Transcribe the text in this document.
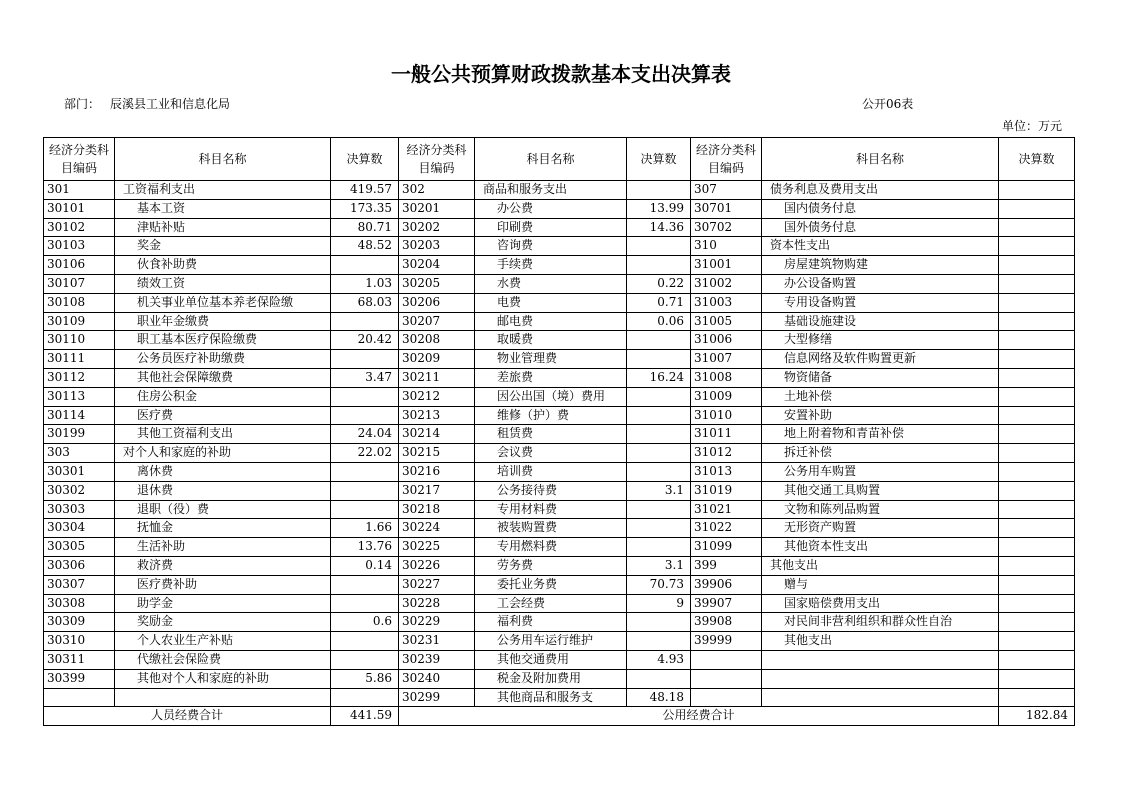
一般公共预算财政拨款基本支出决算表
部门： 辰溪县工业和信息化局	公开06表
单位：万元
经济分类科目编码	科目名称	决算数	经济分类科目编码	科目名称	决算数	经济分类科目编码	科目名称	决算数
301	工资福利支出	419.57	302	商品和服务支出		307	债务利息及费用支出	
30101	基本工资	173.35	30201	办公费	13.99	30701	国内债务付息	
30102	津贴补贴	80.71	30202	印刷费	14.36	30702	国外债务付息	
30103	奖金	48.52	30203	咨询费		310	资本性支出	
30106	伙食补助费		30204	手续费		31001	房屋建筑物购建	
30107	绩效工资	1.03	30205	水费	0.22	31002	办公设备购置	
30108	机关事业单位基本养老保险缴	68.03	30206	电费	0.71	31003	专用设备购置	
30109	职业年金缴费		30207	邮电费	0.06	31005	基础设施建设	
30110	职工基本医疗保险缴费	20.42	30208	取暖费		31006	大型修缮	
30111	公务员医疗补助缴费		30209	物业管理费		31007	信息网络及软件购置更新	
30112	其他社会保障缴费	3.47	30211	差旅费	16.24	31008	物资储备	
30113	住房公积金		30212	因公出国（境）费用		31009	土地补偿	
30114	医疗费		30213	维修（护）费		31010	安置补助	
30199	其他工资福利支出	24.04	30214	租赁费		31011	地上附着物和青苗补偿	
303	对个人和家庭的补助	22.02	30215	会议费		31012	拆迁补偿	
30301	离休费		30216	培训费		31013	公务用车购置	
30302	退休费		30217	公务接待费	3.1	31019	其他交通工具购置	
30303	退职（役）费		30218	专用材料费		31021	文物和陈列品购置	
30304	抚恤金	1.66	30224	被装购置费		31022	无形资产购置	
30305	生活补助	13.76	30225	专用燃料费		31099	其他资本性支出	
30306	救济费	0.14	30226	劳务费	3.1	399	其他支出	
30307	医疗费补助		30227	委托业务费	70.73	39906	赠与	
30308	助学金		30228	工会经费	9	39907	国家赔偿费用支出	
30309	奖励金	0.6	30229	福利费		39908	对民间非营利组织和群众性自治	
30310	个人农业生产补贴		30231	公务用车运行维护		39999	其他支出	
30311	代缴社会保险费		30239	其他交通费用	4.93			
30399	其他对个人和家庭的补助	5.86	30240	税金及附加费用				
			30299	其他商品和服务支	48.18			
人员经费合计		441.59	公用经费合计					182.84
